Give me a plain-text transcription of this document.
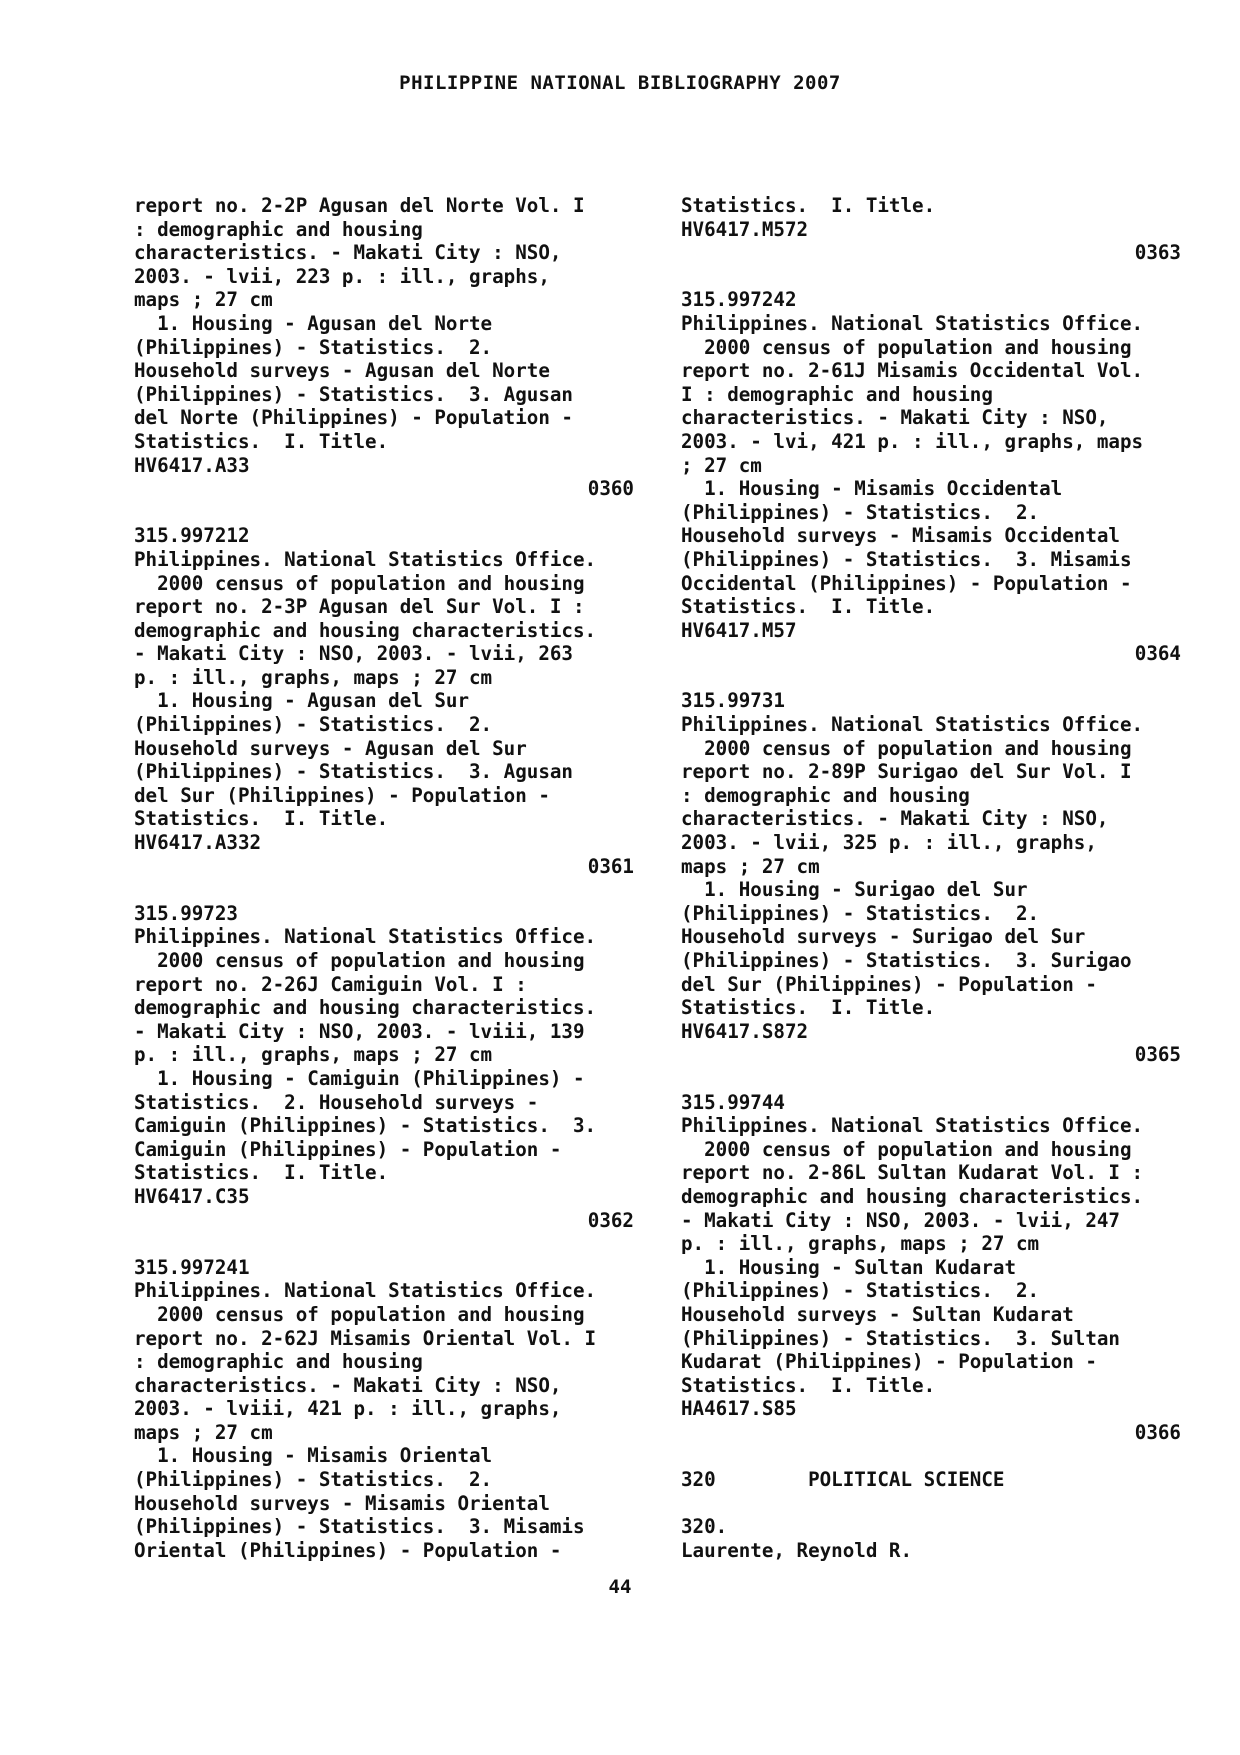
PHILIPPINE NATIONAL BIBLIOGRAPHY 2007
report no. 2-2P Agusan del Norte Vol. I
: demographic and housing
characteristics. - Makati City : NSO,
2003. - lvii, 223 p. : ill., graphs,
maps ; 27 cm
1. Housing - Agusan del Norte
(Philippines) - Statistics.  2.
Household surveys - Agusan del Norte
(Philippines) - Statistics.  3. Agusan
del Norte (Philippines) - Population -
Statistics.  I. Title.
HV6417.A33
0360
315.997212
Philippines. National Statistics Office.
2000 census of population and housing
report no. 2-3P Agusan del Sur Vol. I :
demographic and housing characteristics.
- Makati City : NSO, 2003. - lvii, 263
p. : ill., graphs, maps ; 27 cm
1. Housing - Agusan del Sur
(Philippines) - Statistics.  2.
Household surveys - Agusan del Sur
(Philippines) - Statistics.  3. Agusan
del Sur (Philippines) - Population -
Statistics.  I. Title.
HV6417.A332
0361
315.99723
Philippines. National Statistics Office.
2000 census of population and housing
report no. 2-26J Camiguin Vol. I :
demographic and housing characteristics.
- Makati City : NSO, 2003. - lviii, 139
p. : ill., graphs, maps ; 27 cm
1. Housing - Camiguin (Philippines) -
Statistics.  2. Household surveys -
Camiguin (Philippines) - Statistics.  3.
Camiguin (Philippines) - Population -
Statistics.  I. Title.
HV6417.C35
0362
315.997241
Philippines. National Statistics Office.
2000 census of population and housing
report no. 2-62J Misamis Oriental Vol. I
: demographic and housing
characteristics. - Makati City : NSO,
2003. - lviii, 421 p. : ill., graphs,
maps ; 27 cm
1. Housing - Misamis Oriental
(Philippines) - Statistics.  2.
Household surveys - Misamis Oriental
(Philippines) - Statistics.  3. Misamis
Oriental (Philippines) - Population -
Statistics.  I. Title.
HV6417.M572
0363
315.997242
Philippines. National Statistics Office.
2000 census of population and housing
report no. 2-61J Misamis Occidental Vol.
I : demographic and housing
characteristics. - Makati City : NSO,
2003. - lvi, 421 p. : ill., graphs, maps
; 27 cm
1. Housing - Misamis Occidental
(Philippines) - Statistics.  2.
Household surveys - Misamis Occidental
(Philippines) - Statistics.  3. Misamis
Occidental (Philippines) - Population -
Statistics.  I. Title.
HV6417.M57
0364
315.99731
Philippines. National Statistics Office.
2000 census of population and housing
report no. 2-89P Surigao del Sur Vol. I
: demographic and housing
characteristics. - Makati City : NSO,
2003. - lvii, 325 p. : ill., graphs,
maps ; 27 cm
1. Housing - Surigao del Sur
(Philippines) - Statistics.  2.
Household surveys - Surigao del Sur
(Philippines) - Statistics.  3. Surigao
del Sur (Philippines) - Population -
Statistics.  I. Title.
HV6417.S872
0365
315.99744
Philippines. National Statistics Office.
2000 census of population and housing
report no. 2-86L Sultan Kudarat Vol. I :
demographic and housing characteristics.
- Makati City : NSO, 2003. - lvii, 247
p. : ill., graphs, maps ; 27 cm
1. Housing - Sultan Kudarat
(Philippines) - Statistics.  2.
Household surveys - Sultan Kudarat
(Philippines) - Statistics.  3. Sultan
Kudarat (Philippines) - Population -
Statistics.  I. Title.
HA4617.S85
0366
320        POLITICAL SCIENCE
320.
Laurente, Reynold R.
44
